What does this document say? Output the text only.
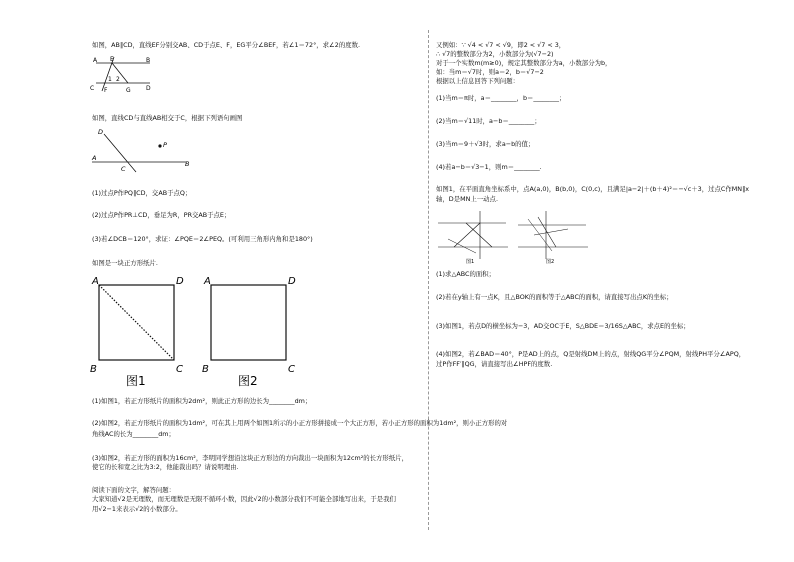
如图，AB∥CD，直线EF分别交AB、CD于点E、F，EG平分∠BEF，若∠1＝72°，求∠2的度数.
A E	B
C F	G	D
1 2
如图，直线CD与直线AB相交于C，根据下列语句画图
D
P
A
C
B
(1)过点P作PQ∥CD，交AB于点Q；
(2)过点P作PR⊥CD，垂足为R，PR交AB于点E；
(3)若∠DCB＝120°，求证：∠PQE＝2∠PEQ。(可利用三角形内角和是180°)
如图是一块正方形纸片.
A	D
B	C
图1
A	D
B	C
图2
(1)如图1，若正方形纸片的面积为2dm²，则此正方形的边长为________dm；
(2)如图2，若正方形纸片的面积为1dm²，可在其上用两个如图1所示的小正方形拼接成一个大正方形，若小正方形的面积为1dm²，则小正方形的对
角线AC的长为________dm；
(3)如图2，若正方形的面积为16cm²，李明同学想沿这块正方形边的方向裁出一块面积为12cm²的长方形纸片，
使它的长和宽之比为3:2，他能裁出吗？请说明理由.
阅读下面的文字，解答问题：
大家知道√2是无理数，而无理数是无限不循环小数，因此√2的小数部分我们不可能全部地写出来，于是我们
用√2−1来表示√2的小数部分。
又例如：∵ √4 < √7 < √9，即2 < √7 < 3，
∴ √7的整数部分为2，小数部分为(√7−2)
对于一个实数m(m≥0)，规定其整数部分为a，小数部分为b，
如：当m＝√7时，则a＝2，b＝√7−2
根据以上信息回答下列问题：
(1)当m＝π时，a＝________，b＝________；
(2)当m＝√11时，a−b＝________；
(3)当m＝9＋√3时，求a−b的值；
(4)若a−b＝√3−1，则m＝________.
如图1，在平面直角坐标系中，点A(a,0)，B(b,0)，C(0,c)，且满足|a−2|＋(b＋4)²＝−√c＋3，过点C作MN∥x
轴，D是MN上一动点.
图1	图2
(1)求△ABC的面积；
(2)若在y轴上有一点K，且△BOK的面积等于△ABC的面积，请直接写出点K的坐标；
(3)如图1，若点D的横坐标为−3，AD交OC于E，S△BDE＝3/16S△ABC，求点E的坐标；
(4)如图2，若∠BAD＝40°，P是AD上的点，Q是射线DM上的点，射线QG平分∠PQM，射线PH平分∠APQ，
过P作FF′∥QG，请直接写出∠HPF的度数.
